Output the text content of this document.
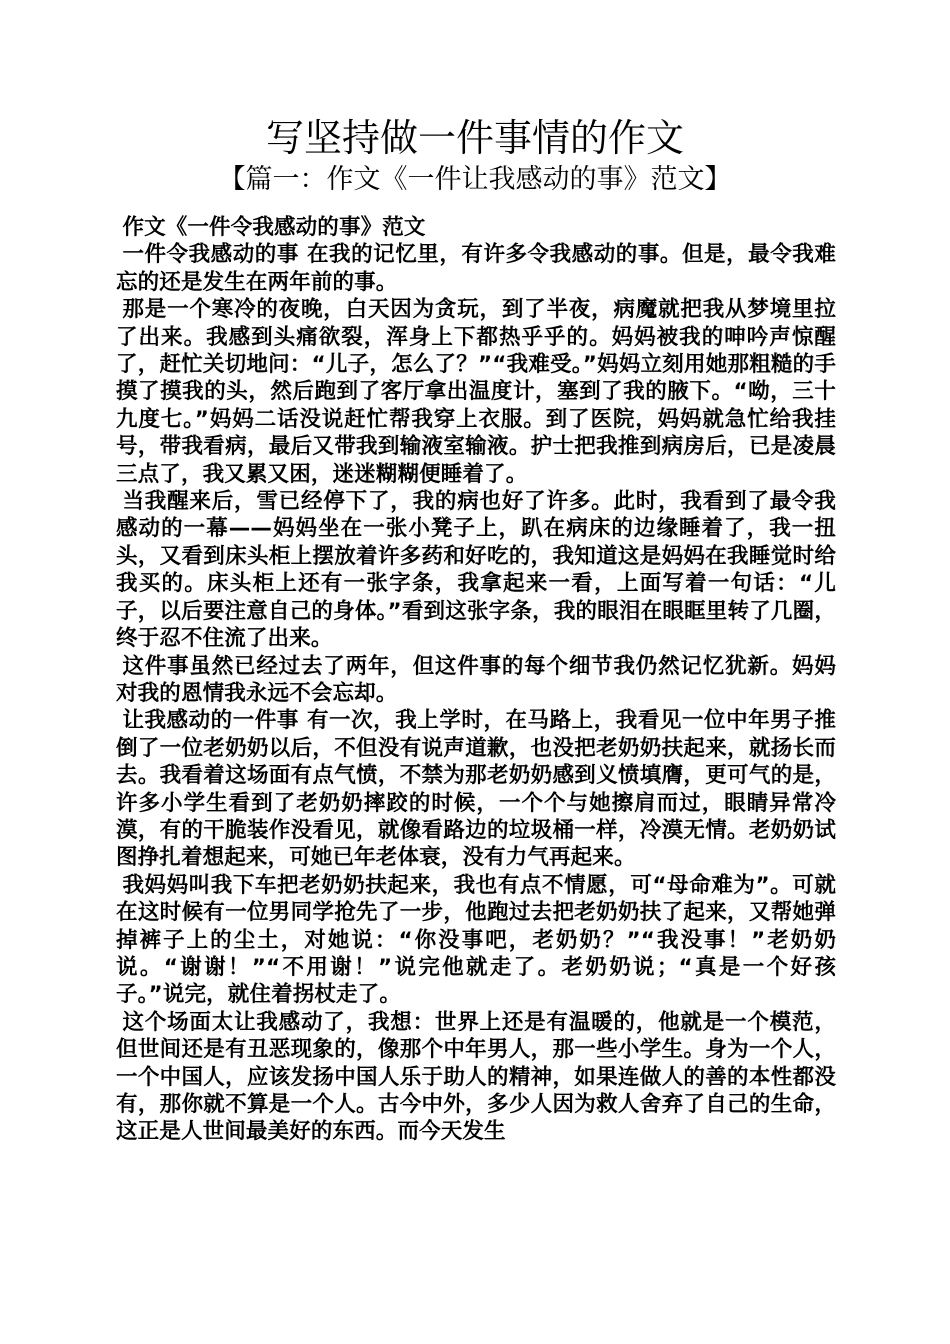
写坚持做一件事情的作文
【篇一：作文《一件让我感动的事》范文】

作文《一件令我感动的事》范文

一件令我感动的事 在我的记忆里，有许多令我感动的事。但是，最令我难忘的还是发生在两年前的事。

那是一个寒冷的夜晚，白天因为贪玩，到了半夜，病魔就把我从梦境里拉了出来。我感到头痛欲裂，浑身上下都热乎乎的。妈妈被我的呻吟声惊醒了，赶忙关切地问：“儿子，怎么了？”“我难受。”妈妈立刻用她那粗糙的手摸了摸我的头，然后跑到了客厅拿出温度计，塞到了我的腋下。“呦，三十九度七。”妈妈二话没说赶忙帮我穿上衣服。到了医院，妈妈就急忙给我挂号，带我看病，最后又带我到输液室输液。护士把我推到病房后，已是凌晨三点了，我又累又困，迷迷糊糊便睡着了。

当我醒来后，雪已经停下了，我的病也好了许多。此时，我看到了最令我感动的一幕——妈妈坐在一张小凳子上，趴在病床的边缘睡着了，我一扭头，又看到床头柜上摆放着许多药和好吃的，我知道这是妈妈在我睡觉时给我买的。床头柜上还有一张字条，我拿起来一看，上面写着一句话：“儿子，以后要注意自己的身体。”看到这张字条，我的眼泪在眼眶里转了几圈，终于忍不住流了出来。

这件事虽然已经过去了两年，但这件事的每个细节我仍然记忆犹新。妈妈对我的恩情我永远不会忘却。

让我感动的一件事 有一次，我上学时，在马路上，我看见一位中年男子推倒了一位老奶奶以后，不但没有说声道歉，也没把老奶奶扶起来，就扬长而去。我看着这场面有点气愤，不禁为那老奶奶感到义愤填膺，更可气的是，许多小学生看到了老奶奶摔跤的时候，一个个与她擦肩而过，眼睛异常冷漠，有的干脆装作没看见，就像看路边的垃圾桶一样，冷漠无情。老奶奶试图挣扎着想起来，可她已年老体衰，没有力气再起来。

我妈妈叫我下车把老奶奶扶起来，我也有点不情愿，可“母命难为”。可就在这时候有一位男同学抢先了一步，他跑过去把老奶奶扶了起来，又帮她弹掉裤子上的尘土，对她说：“你没事吧，老奶奶？”“我没事！”老奶奶说。“谢谢！”“不用谢！”说完他就走了。老奶奶说；“真是一个好孩子。”说完，就住着拐杖走了。

这个场面太让我感动了，我想：世界上还是有温暖的，他就是一个模范，但世间还是有丑恶现象的，像那个中年男人，那一些小学生。身为一个人，一个中国人，应该发扬中国人乐于助人的精神，如果连做人的善的本性都没有，那你就不算是一个人。古今中外，多少人因为救人舍弃了自己的生命，这正是人世间最美好的东西。而今天发生
